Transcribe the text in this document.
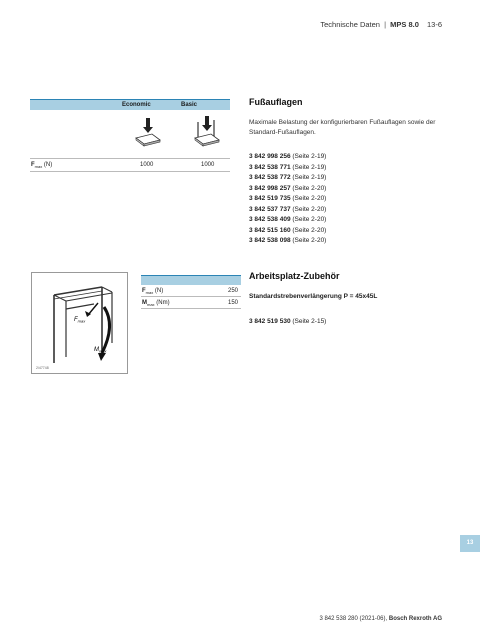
Technische Daten | MPS 8.0 13-6
Economic	Basic
$F_{max}$ (N)	1000	1000
Fußauflagen
Maximale Belastung der konfigurierbaren Fußauflagen sowie der Standard-Fußauflagen.
3 842 998 256 (Seite 2-19)
3 842 538 771 (Seite 2-19)
3 842 538 772 (Seite 2-19)
3 842 998 257 (Seite 2-20)
3 842 519 735 (Seite 2-20)
3 842 537 737 (Seite 2-20)
3 842 538 409 (Seite 2-20)
3 842 515 160 (Seite 2-20)
3 842 538 098 (Seite 2-20)
$F_{max}$
$M_{max}$
2/47748
$F_{max}$ (N)	250
$M_{max}$ (Nm)	150
Arbeitsplatz-Zubehör
Standardstrebenverlängerung P = 45x45L
3 842 519 530 (Seite 2-15)
13
3 842 538 280 (2021-06), Bosch Rexroth AG
